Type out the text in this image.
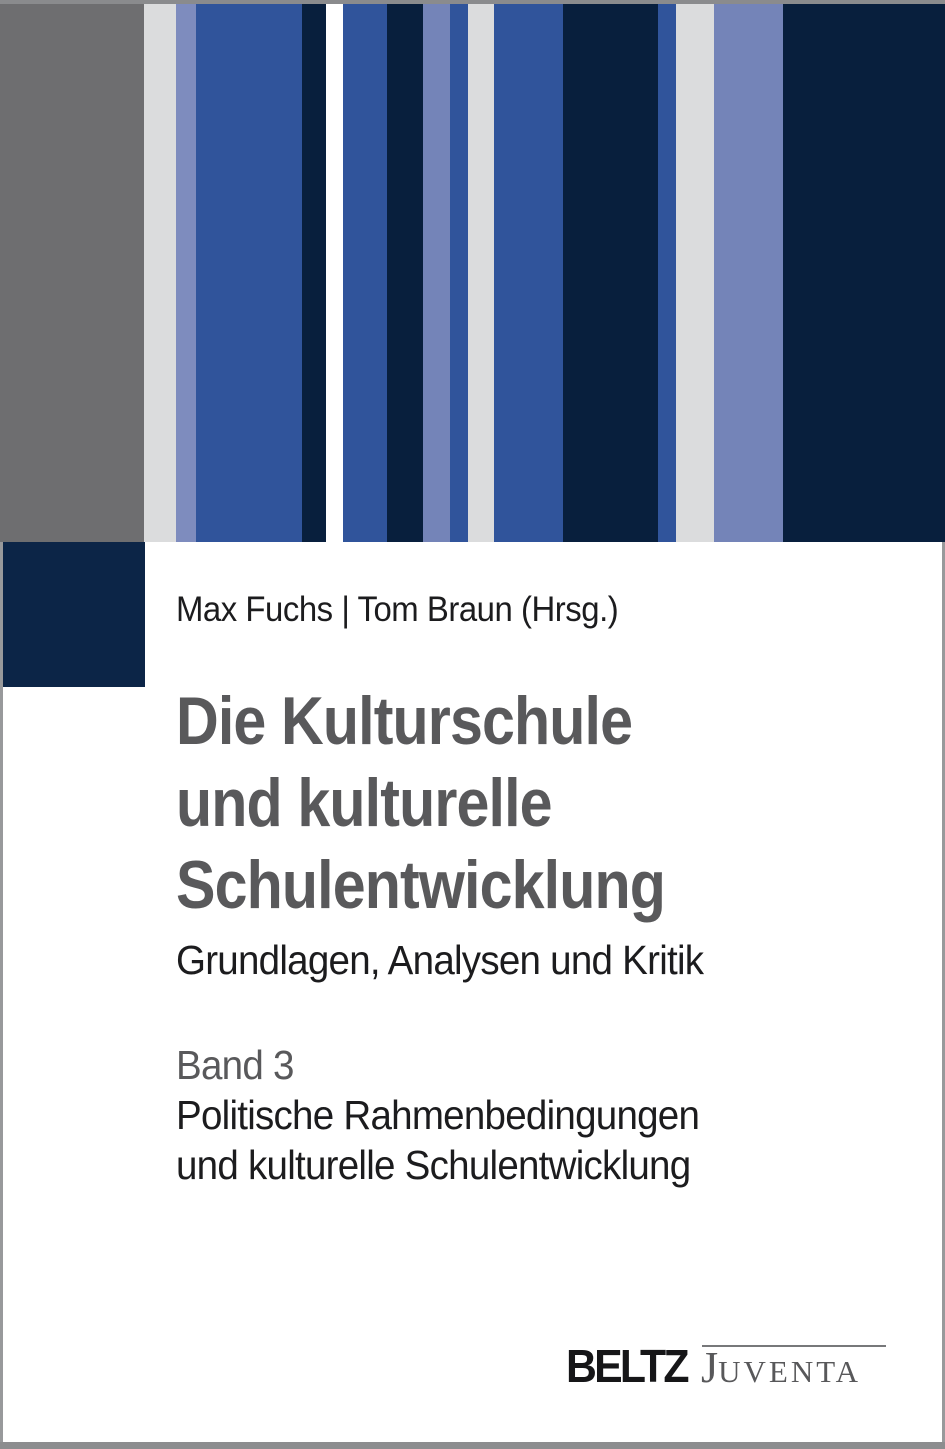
Max Fuchs | Tom Braun (Hrsg.)
Die Kulturschule
und kulturelle
Schulentwicklung
Grundlagen, Analysen und Kritik
Band 3
Politische Rahmenbedingungen
und kulturelle Schulentwicklung
BELTZ JUVENTA
